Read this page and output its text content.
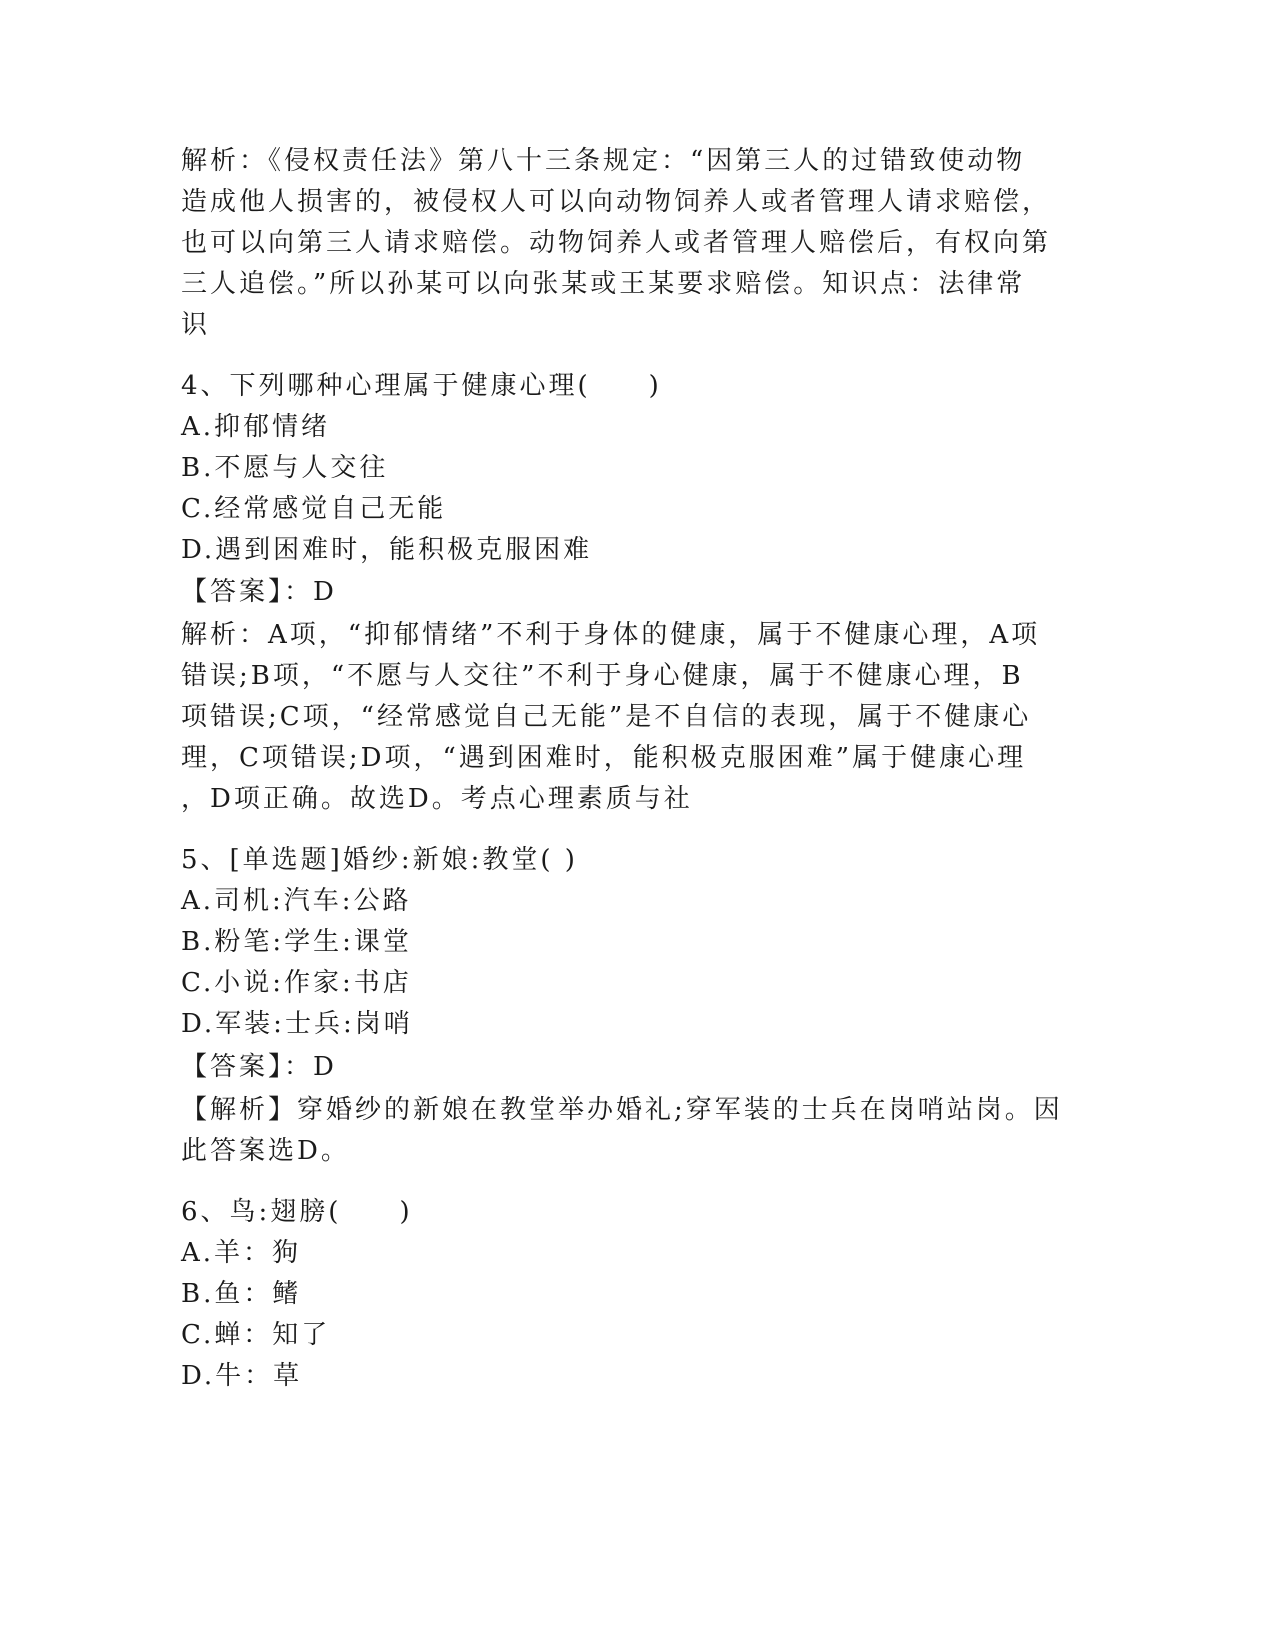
解析：《侵权责任法》第八十三条规定：“因第三人的过错致使动物
造成他人损害的，被侵权人可以向动物饲养人或者管理人请求赔偿，
也可以向第三人请求赔偿。动物饲养人或者管理人赔偿后，有权向第
三人追偿。”所以孙某可以向张某或王某要求赔偿。知识点：法律常
识
4、下列哪种心理属于健康心理(　　)
A.抑郁情绪
B.不愿与人交往
C.经常感觉自己无能
D.遇到困难时，能积极克服困难
【答案】：D
解析：A项，“抑郁情绪”不利于身体的健康，属于不健康心理，A项
错误;B项，“不愿与人交往”不利于身心健康，属于不健康心理，B
项错误;C项，“经常感觉自己无能”是不自信的表现，属于不健康心
理，C项错误;D项，“遇到困难时，能积极克服困难”属于健康心理
，D项正确。故选D。考点心理素质与社
5、[单选题]婚纱:新娘:教堂( )
A.司机:汽车:公路
B.粉笔:学生:课堂
C.小说:作家:书店
D.军装:士兵:岗哨
【答案】：D
【解析】穿婚纱的新娘在教堂举办婚礼;穿军装的士兵在岗哨站岗。因
此答案选D。
6、鸟:翅膀(　　)
A.羊：狗
B.鱼：鳍
C.蝉：知了
D.牛：草
